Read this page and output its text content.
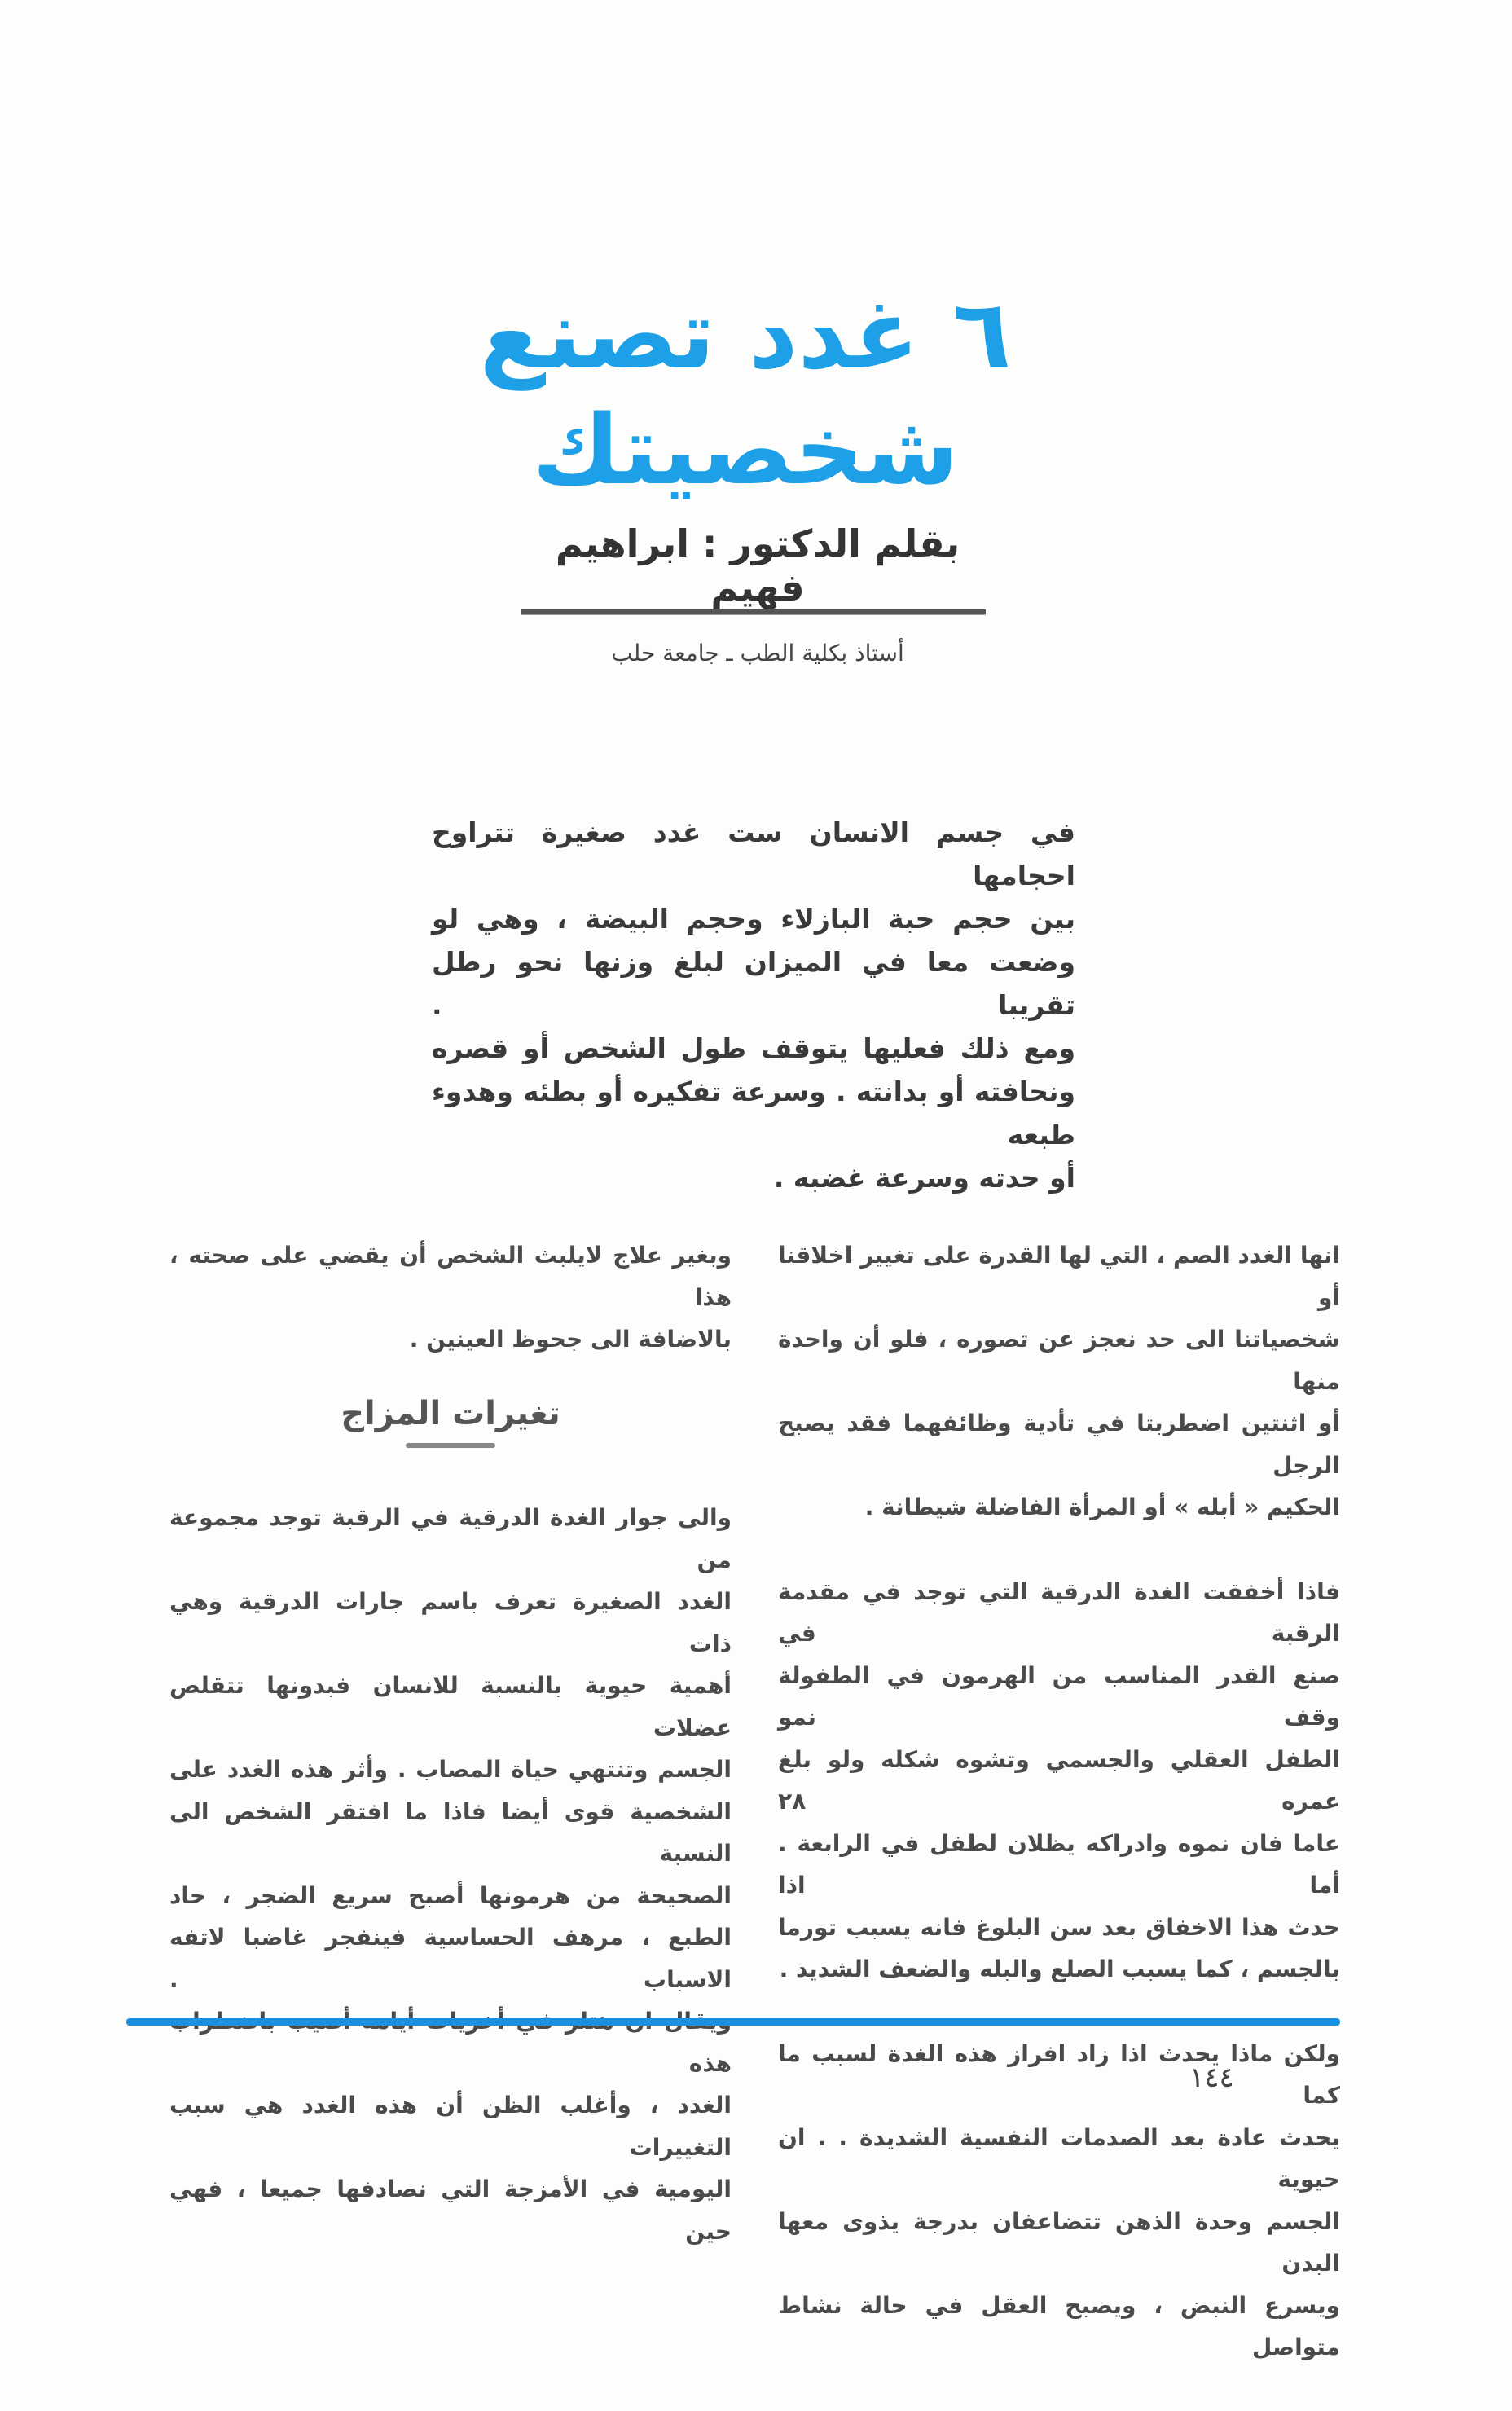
٦ غدد تصنع شخصيتك
بقلم الدكتور : ابراهيم فهيم
أستاذ بكلية الطب ـ جامعة حلب
في جسم الانسان ست غدد صغيرة تتراوح احجامها
بين حجم حبة البازلاء وحجم البيضة ، وهي لو
وضعت معا في الميزان لبلغ وزنها نحو رطل تقريبا .
ومع ذلك فعليها يتوقف طول الشخص أو قصره
ونحافته أو بدانته . وسرعة تفكيره أو بطئه وهدوء طبعه
أو حدته وسرعة غضبه .
انها الغدد الصم ، التي لها القدرة على تغيير اخلاقنا أو
شخصياتنا الى حد نعجز عن تصوره ، فلو أن واحدة منها
أو اثنتين اضطربتا في تأدية وظائفهما فقد يصبح الرجل
الحكيم « أبله » أو المرأة الفاضلة شيطانة .
فاذا أخفقت الغدة الدرقية التي توجد في مقدمة الرقبة في
صنع القدر المناسب من الهرمون في الطفولة وقف نمو
الطفل العقلي والجسمي وتشوه شكله ولو بلغ عمره ٢٨
عاما فان نموه وادراكه يظلان لطفل في الرابعة . أما اذا
حدث هذا الاخفاق بعد سن البلوغ فانه يسبب تورما
بالجسم ، كما يسبب الصلع والبله والضعف الشديد .
ولكن ماذا يحدث اذا زاد افراز هذه الغدة لسبب ما كما
يحدث عادة بعد الصدمات النفسية الشديدة . . ان حيوية
الجسم وحدة الذهن تتضاعفان بدرجة يذوى معها البدن
ويسرع النبض ، ويصبح العقل في حالة نشاط متواصل
وبغير علاج لايلبث الشخص أن يقضي على صحته ، هذا
بالاضافة الى جحوظ العينين .
تغيرات المزاج
والى جوار الغدة الدرقية في الرقبة توجد مجموعة من
الغدد الصغيرة تعرف باسم جارات الدرقية وهي ذات
أهمية حيوية بالنسبة للانسان فبدونها تتقلص عضلات
الجسم وتنتهي حياة المصاب . وأثر هذه الغدد على
الشخصية قوى أيضا فاذا ما افتقر الشخص الى النسبة
الصحيحة من هرمونها أصبح سريع الضجر ، حاد
الطبع ، مرهف الحساسية فينفجر غاضبا لاتفه الاسباب .
هذه
الغدد ، وأغلب الظن أن هذه الغدد هي سبب التغييرات
اليومية في الأمزجة التي نصادفها جميعا ، فهي حين
١٤٤
